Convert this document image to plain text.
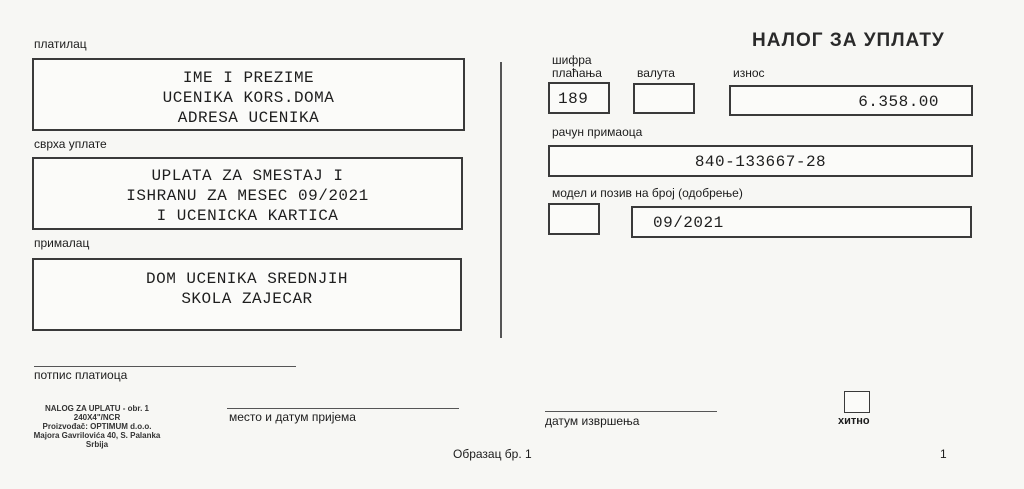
НАЛОГ ЗА УПЛАТУ
платилац
IME I PREZIME
UCENIKA KORS.DOMA
ADRESA UCENIKA
сврха уплате
UPLATA ZA SMESTAJ I
ISHRANU ZA MESEC 09/2021
I UCENICKA KARTICA
прималац
DOM UCENIKA SREDNJIH
SKOLA ZAJECAR
потпис платиоца
шифра
плаћања
189
валута	износ
6.358.00
рачун примаоца
840-133667-28
модел и позив на број (одобрење)
09/2021
NALOG ZA UPLATU - obr. 1
240X4"/NCR
Proizvođač: OPTIMUM d.o.o.
Majora Gavrilovića 40, S. Palanka
Srbija
место и датум пријема	датум извршења	хитно
Образац бр. 1	1
